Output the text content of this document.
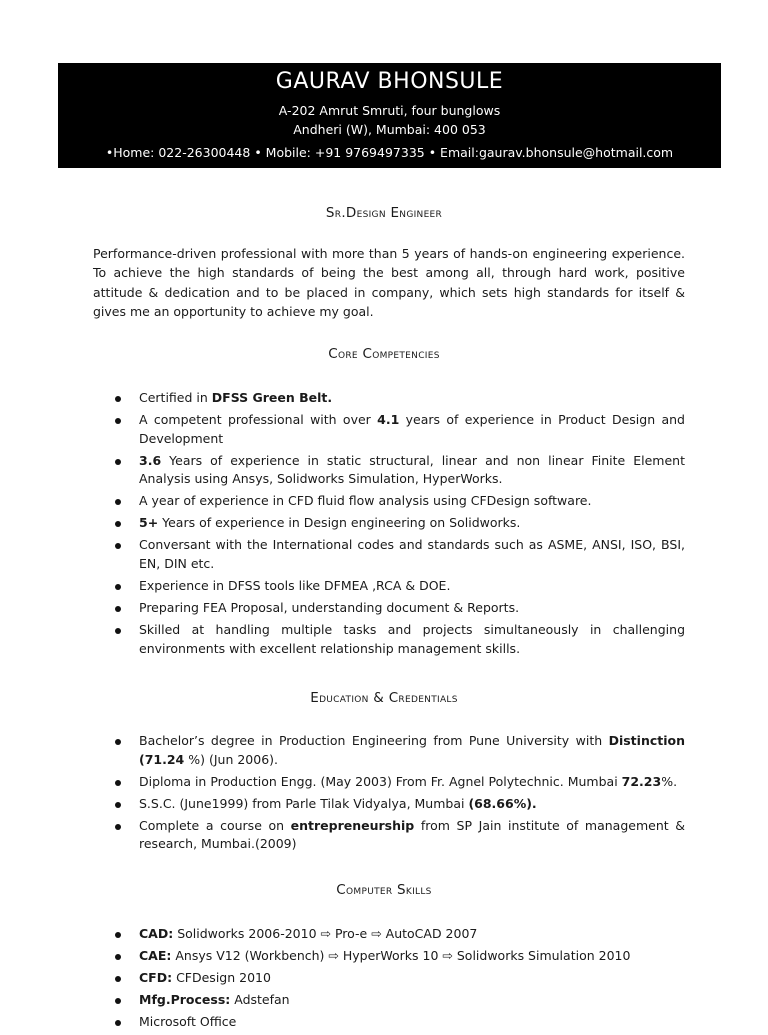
GAURAV BHONSULE
A-202 Amrut Smruti, four bunglows
Andheri (W), Mumbai: 400 053
•Home: 022-26300448 • Mobile: +91 9769497335 • Email:gaurav.bhonsule@hotmail.com
Sr.Design Engineer
Performance-driven professional with more than 5 years of hands-on engineering experience. To achieve the high standards of being the best among all, through hard work, positive attitude & dedication and to be placed in company, which sets high standards for itself & gives me an opportunity to achieve my goal.
Core Competencies
Certified in DFSS Green Belt.
A competent professional with over 4.1 years of experience in Product Design and Development
3.6 Years of experience in static structural, linear and non linear Finite Element Analysis using Ansys, Solidworks Simulation, HyperWorks.
A year of experience in CFD fluid flow analysis using CFDesign software.
5+ Years of experience in Design engineering on Solidworks.
Conversant with the International codes and standards such as ASME, ANSI, ISO, BSI, EN, DIN etc.
Experience in DFSS tools like DFMEA ,RCA & DOE.
Preparing FEA Proposal, understanding document & Reports.
Skilled at handling multiple tasks and projects simultaneously in challenging environments with excellent relationship management skills.
Education & Credentials
Bachelor’s degree in Production Engineering from Pune University with Distinction (71.24 %) (Jun 2006).
Diploma in Production Engg. (May 2003) From Fr. Agnel Polytechnic. Mumbai 72.23%.
S.S.C. (June1999) from Parle Tilak Vidyalya, Mumbai (68.66%).
Complete a course on entrepreneurship from SP Jain institute of management & research, Mumbai.(2009)
Computer Skills
CAD: Solidworks 2006-2010 ⇨ Pro-e ⇨ AutoCAD 2007
CAE: Ansys V12 (Workbench) ⇨ HyperWorks 10 ⇨ Solidworks Simulation 2010
CFD: CFDesign 2010
Mfg.Process: Adstefan
Microsoft Office
